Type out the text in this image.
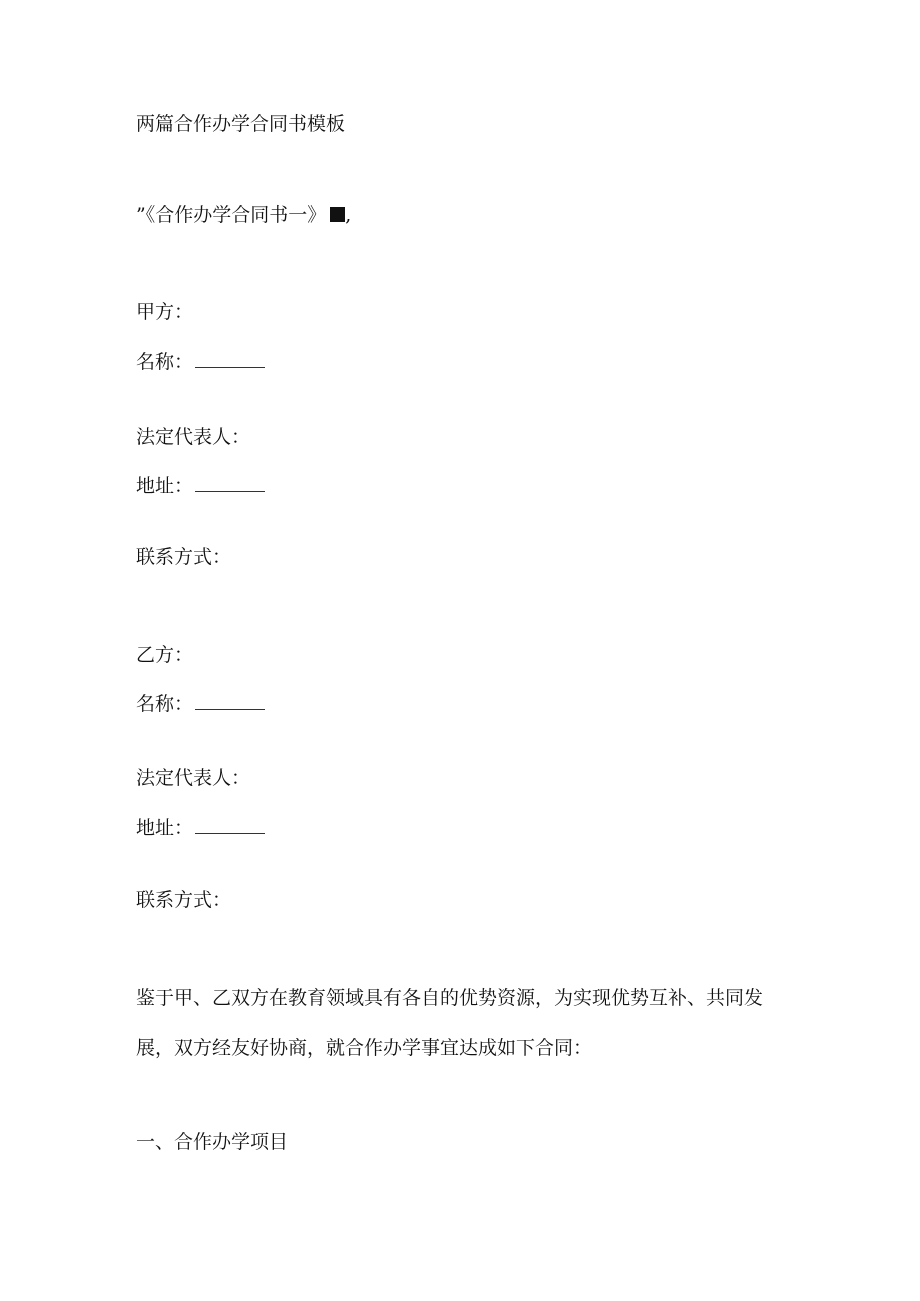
两篇合作办学合同书模板

”《合作办学合同书一》 ,

甲方：

名称：

法定代表人：

地址：

联系方式：

乙方：

名称：

法定代表人：

地址：

联系方式：

鉴于甲、乙双方在教育领域具有各自的优势资源，为实现优势互补、共同发展，双方经友好协商，就合作办学事宜达成如下合同：

一、合作办学项目
